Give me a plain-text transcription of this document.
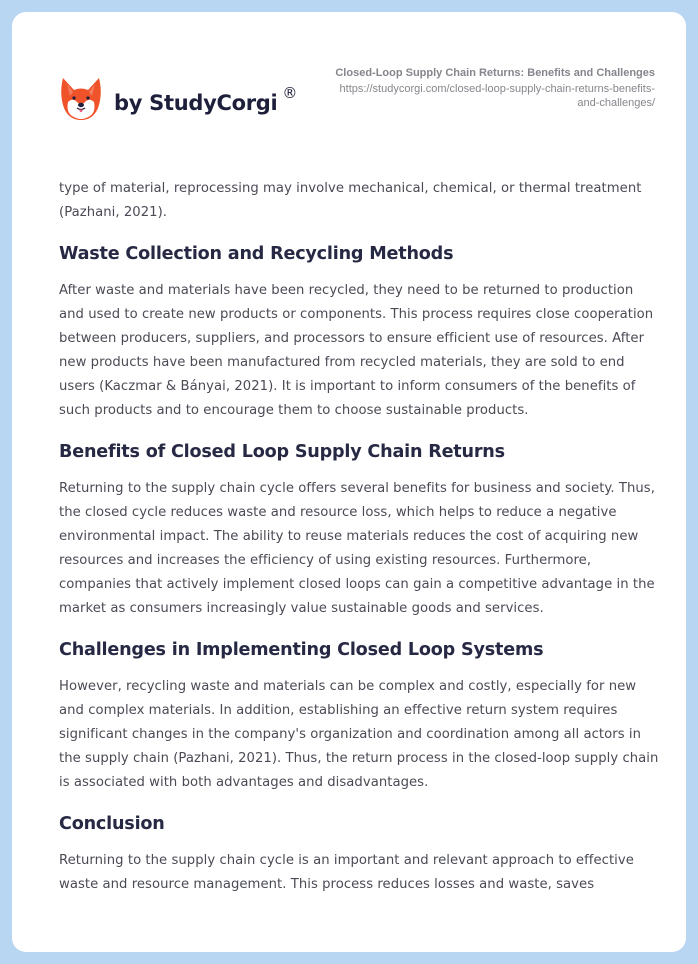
by StudyCorgi ®
Closed-Loop Supply Chain Returns: Benefits and Challenges
https://studycorgi.com/closed-loop-supply-chain-returns-benefits-and-challenges/

type of material, reprocessing may involve mechanical, chemical, or thermal treatment (Pazhani, 2021).

Waste Collection and Recycling Methods

After waste and materials have been recycled, they need to be returned to production and used to create new products or components. This process requires close cooperation between producers, suppliers, and processors to ensure efficient use of resources. After new products have been manufactured from recycled materials, they are sold to end users (Kaczmar & Bányai, 2021). It is important to inform consumers of the benefits of such products and to encourage them to choose sustainable products.

Benefits of Closed Loop Supply Chain Returns

Returning to the supply chain cycle offers several benefits for business and society. Thus, the closed cycle reduces waste and resource loss, which helps to reduce a negative environmental impact. The ability to reuse materials reduces the cost of acquiring new resources and increases the efficiency of using existing resources. Furthermore, companies that actively implement closed loops can gain a competitive advantage in the market as consumers increasingly value sustainable goods and services.

Challenges in Implementing Closed Loop Systems

However, recycling waste and materials can be complex and costly, especially for new and complex materials. In addition, establishing an effective return system requires significant changes in the company's organization and coordination among all actors in the supply chain (Pazhani, 2021). Thus, the return process in the closed-loop supply chain is associated with both advantages and disadvantages.

Conclusion

Returning to the supply chain cycle is an important and relevant approach to effective waste and resource management. This process reduces losses and waste, saves
